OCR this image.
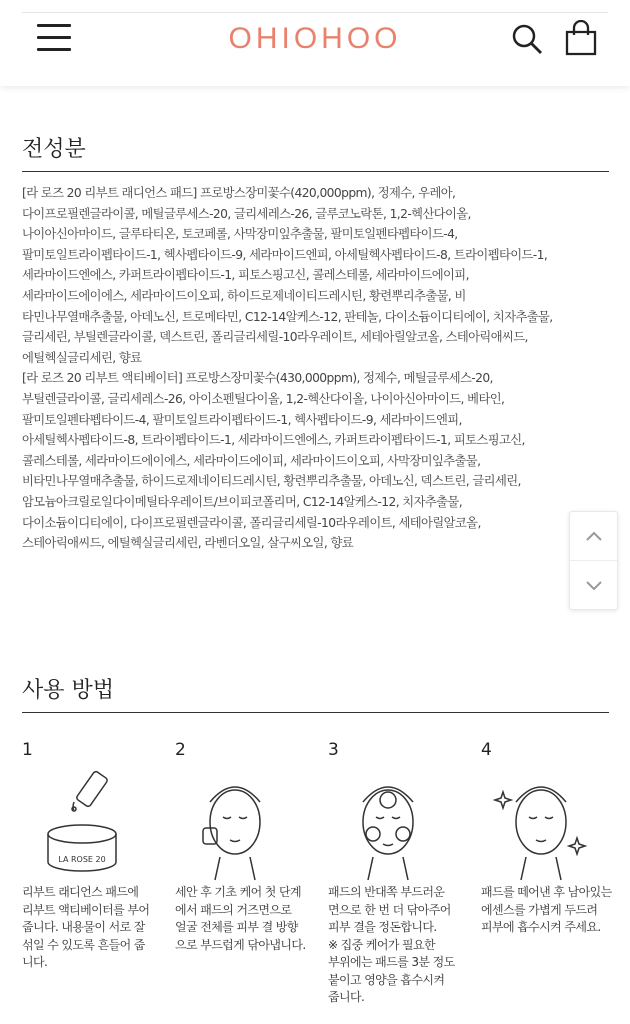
OHIOHOO
전성분
[라 로즈 20 리부트 래디언스 패드] 프로방스장미꽃수(420,000ppm), 정제수, 우레아,
다이프로필렌글라이콜, 메틸글루세스-20, 글리세레스-26, 글루코노락톤, 1,2-헥산다이올,
나이아신아마이드, 글루타티온, 토코페롤, 사막장미잎추출물, 팔미토일펜타펩타이드-4,
팔미토일트라이펩타이드-1, 헥사펩타이드-9, 세라마이드엔피, 아세틸헥사펩타이드-8, 트라이펩타이드-1,
세라마이드엔에스, 카퍼트라이펩타이드-1, 피토스핑고신, 콜레스테롤, 세라마이드에이피,
세라마이드에이에스, 세라마이드이오피, 하이드로제네이티드레시틴, 황련뿌리추출물, 비
타민나무열매추출물, 아데노신, 트로메타민, C12-14알케스-12, 판테놀, 다이소듐이디티에이, 치자추출물,
글리세린, 부틸렌글라이콜, 덱스트린, 폴리글리세릴-10라우레이트, 세테아릴알코올, 스테아릭애씨드,
에틸헥실글리세린, 향료
[라 로즈 20 리부트 액티베이터] 프로방스장미꽃수(430,000ppm), 정제수, 메틸글루세스-20,
부틸렌글라이콜, 글리세레스-26, 아이소펜틸다이올, 1,2-헥산다이올, 나이아신아마이드, 베타인,
팔미토일펜타펩타이드-4, 팔미토일트라이펩타이드-1, 헥사펩타이드-9, 세라마이드엔피,
아세틸헥사펩타이드-8, 트라이펩타이드-1, 세라마이드엔에스, 카퍼트라이펩타이드-1, 피토스핑고신,
콜레스테롤, 세라마이드에이에스, 세라마이드에이피, 세라마이드이오피, 사막장미잎추출물,
비타민나무열매추출물, 하이드로제네이티드레시틴, 황련뿌리추출물, 아데노신, 덱스트린, 글리세린,
암모늄아크릴로일다이메틸타우레이트/브이피코폴리머, C12-14알케스-12, 치자추출물,
다이소듐이디티에이, 다이프로필렌글라이콜, 폴리글리세릴-10라우레이트, 세테아릴알코올,
스테아릭애씨드, 에틸헥실글리세린, 라벤더오일, 살구씨오일, 향료
사용 방법
1
LA ROSE 20
리부트 래디언스 패드에
리부트 액티베이터를 부어
줍니다. 내용물이 서로 잘
섞일 수 있도록 흔들어 줍
니다.
2
세안 후 기초 케어 첫 단계
에서 패드의 거즈면으로
얼굴 전체를 피부 결 방향
으로 부드럽게 닦아냅니다.
3
패드의 반대쪽 부드러운
면으로 한 번 더 닦아주어
피부 결을 정돈합니다.
※ 집중 케어가 필요한
부위에는 패드를 3분 정도
붙이고 영양을 흡수시켜
줍니다.
4
패드를 떼어낸 후 남아있는
에센스를 가볍게 두드려
피부에 흡수시켜 주세요.
